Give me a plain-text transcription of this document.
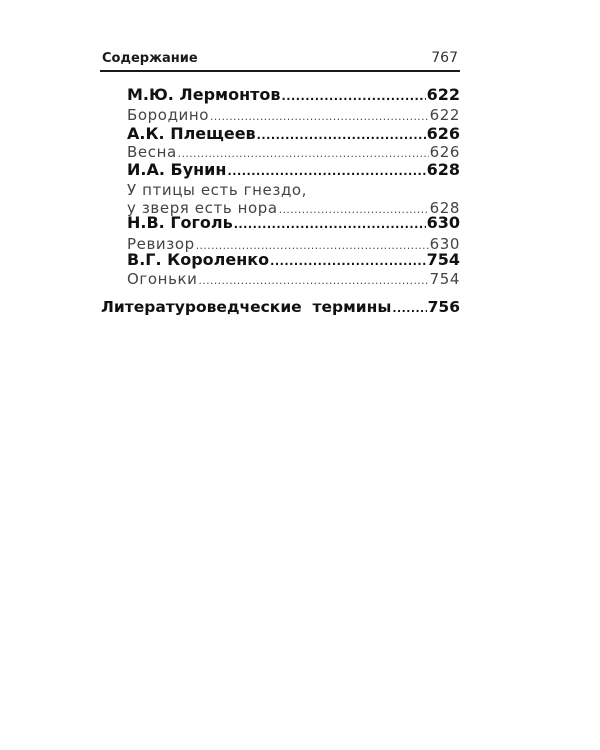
Содержание	767
М.Ю. Лермонтов .....	622
Бородино .....	622
А.К. Плещеев .....	626
Весна .....	626
И.А. Бунин .....	628
У птицы есть гнездо,
у зверя есть нора .....	628
Н.В. Гоголь .....	630
Ревизор .....	630
В.Г. Короленко .....	754
Огоньки .....	754
Литературоведческие  термины ..... 756
